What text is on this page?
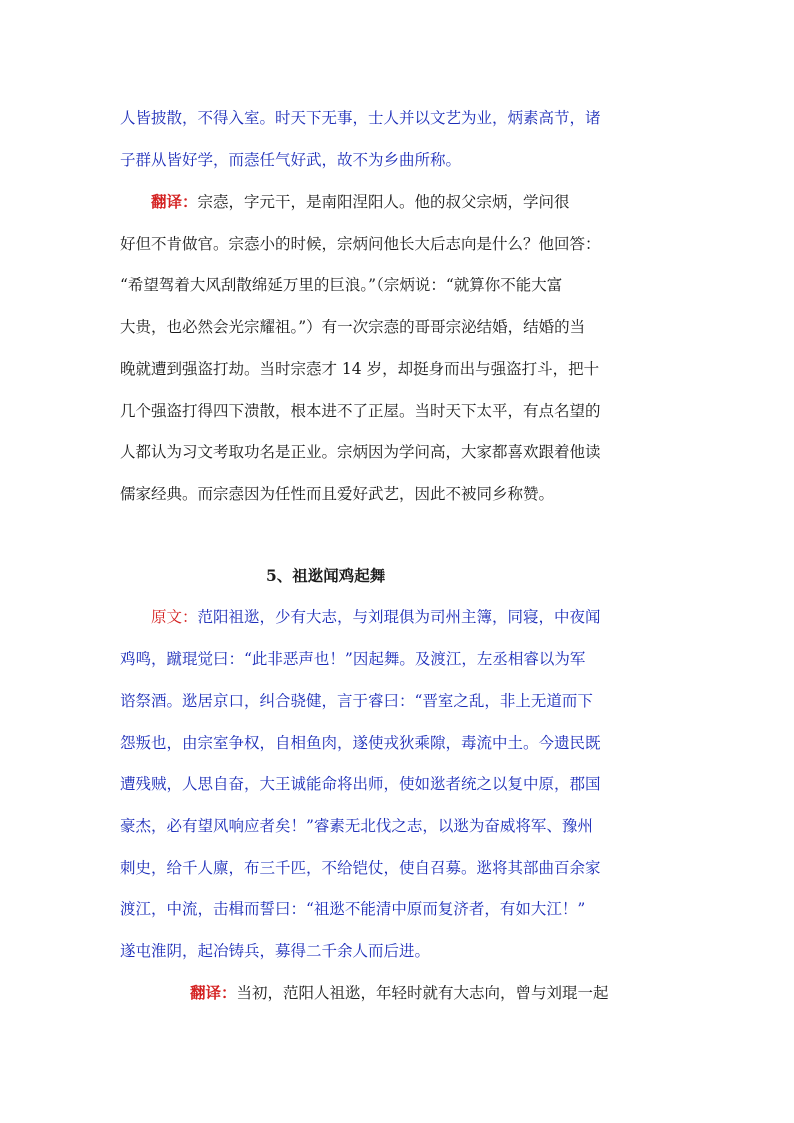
人皆披散，不得入室。时天下无事，士人并以文艺为业，炳素高节，诸
子群从皆好学，而悫任气好武，故不为乡曲所称。
翻译：宗悫，字元干，是南阳涅阳人。他的叔父宗炳，学问很
好但不肯做官。宗悫小的时候，宗炳问他长大后志向是什么？他回答：
“希望驾着大风刮散绵延万里的巨浪。”（宗炳说：“就算你不能大富
大贵，也必然会光宗耀祖。”）有一次宗悫的哥哥宗泌结婚，结婚的当
晚就遭到强盗打劫。当时宗悫才 14 岁，却挺身而出与强盗打斗，把十
几个强盗打得四下溃散，根本进不了正屋。当时天下太平，有点名望的
人都认为习文考取功名是正业。宗炳因为学问高，大家都喜欢跟着他读
儒家经典。而宗悫因为任性而且爱好武艺，因此不被同乡称赞。
5、祖逖闻鸡起舞
原文：范阳祖逖，少有大志，与刘琨俱为司州主簿，同寝，中夜闻
鸡鸣，蹴琨觉曰：“此非恶声也！”因起舞。及渡江，左丞相睿以为军
谘祭酒。逖居京口，纠合骁健，言于睿曰：“晋室之乱，非上无道而下
怨叛也，由宗室争权，自相鱼肉，遂使戎狄乘隙，毒流中土。今遗民既
遭残贼，人思自奋，大王诚能命将出师，使如逖者统之以复中原，郡国
豪杰，必有望风响应者矣！”睿素无北伐之志，以逖为奋威将军、豫州
刺史，给千人廪，布三千匹，不给铠仗，使自召募。逖将其部曲百余家
渡江，中流，击楫而誓曰：“祖逖不能清中原而复济者，有如大江！”
遂屯淮阴，起冶铸兵，募得二千余人而后进。
翻译：当初，范阳人祖逖，年轻时就有大志向，曾与刘琨一起
